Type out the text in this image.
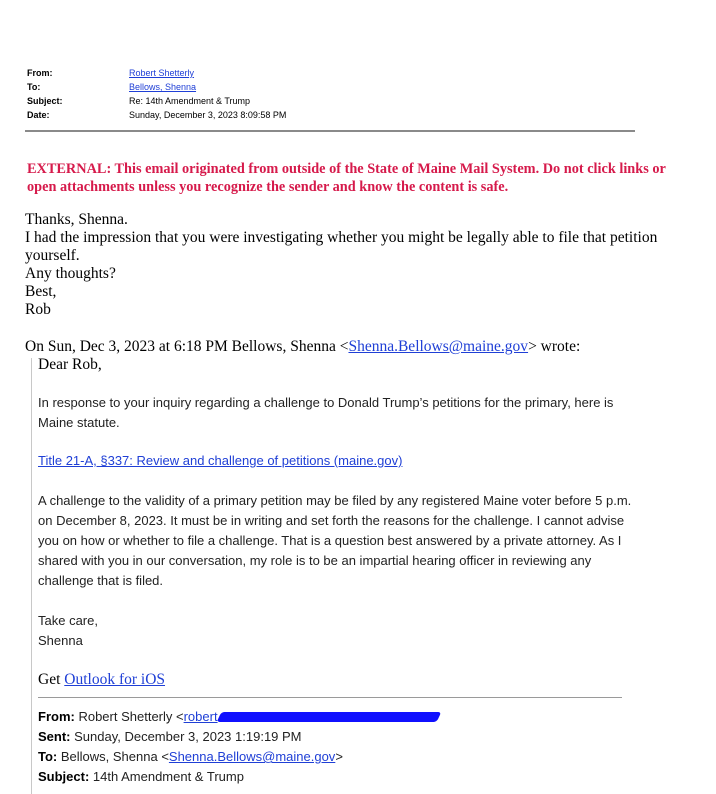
From:	Robert Shetterly
To:	Bellows, Shenna
Subject:	Re: 14th Amendment & Trump
Date:	Sunday, December 3, 2023 8:09:58 PM
EXTERNAL: This email originated from outside of the State of Maine Mail System. Do not click links or open attachments unless you recognize the sender and know the content is safe.

Thanks, Shenna.

I had the impression that you were investigating whether you might be legally able to file that petition yourself.

Any thoughts?

Best,

Rob

On Sun, Dec 3, 2023 at 6:18 PM Bellows, Shenna <Shenna.Bellows@maine.gov> wrote:
Dear Rob,
In response to your inquiry regarding a challenge to Donald Trump’s petitions for the primary, here is Maine statute.
Title 21-A, §337: Review and challenge of petitions (maine.gov)
A challenge to the validity of a primary petition may be filed by any registered Maine voter before 5 p.m. on December 8, 2023. It must be in writing and set forth the reasons for the challenge. I cannot advise you on how or whether to file a challenge. That is a question best answered by a private attorney. As I shared with you in our conversation, my role is to be an impartial hearing officer in reviewing any challenge that is filed.
Take care,
Shenna
Get Outlook for iOS
From: Robert Shetterly <robert
Sent: Sunday, December 3, 2023 1:19:19 PM
To: Bellows, Shenna <Shenna.Bellows@maine.gov>
Subject: 14th Amendment & Trump
